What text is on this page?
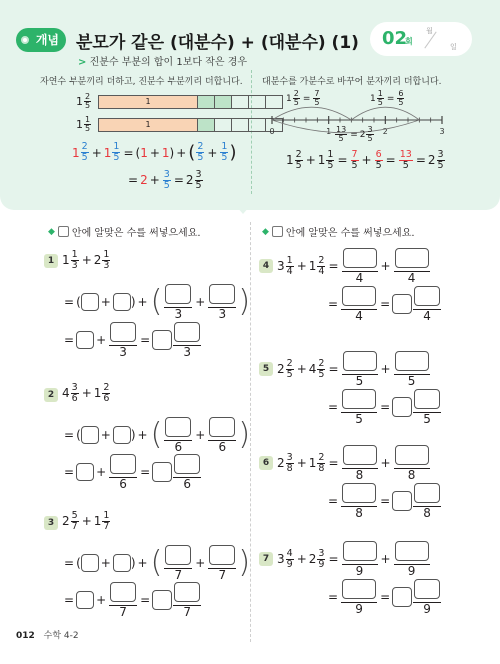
개념	분모가 같은 (대분수) + (대분수) (1)
> 진분수 부분의 합이 1보다 작은 경우
02
회
월
일
자연수 부분끼리 더하고, 진분수 부분끼리 더합니다.
$1 \frac{2}{5}$	1
$1 \frac{1}{5}$	1
$1 \frac{2}{5} + 1 \frac{1}{5}$ = ( 1 + 1 ) + ( $\frac{2}{5} + \frac{1}{5}$ )
= $2 + \frac{3}{5} = 2 \frac{3}{5}$
대분수를 가분수로 바꾸어 분자끼리 더합니다.
0	1	2	3
$1 \frac{2}{5} = \frac{7}{5}$	$1 \frac{1}{5} = \frac{6}{5}$
$\frac{13}{5} = 2 \frac{3}{5}$
$1 \frac{2}{5} + 1 \frac{1}{5} = \frac{7}{5} + \frac{6}{5} = \frac{13}{5} = 2 \frac{3}{5}$
◆ 안에 알맞은 수를 써넣으세요.	◆ 안에 알맞은 수를 써넣으세요.
1 $1 \frac{1}{3} + 2 \frac{1}{3}$
= ( + ) + ( 3
+
3 )
= +
3
=
3
2 $4 \frac{3}{6} + 1 \frac{2}{6}$
= ( + ) + ( 6
+
6 )
= +
6
=
6
3 $2 \frac{5}{7} + 1 \frac{1}{7}$
= ( + ) + ( 7
+
7 )
= +
7
=
7
4 $3 \frac{1}{4} + 1 \frac{2}{4}$ =
4
+
4
=
4
=
4
5 $2 \frac{2}{5} + 4 \frac{2}{5}$ =
5
+
5
=
5
=
5
6 $2 \frac{3}{8} + 1 \frac{2}{8}$ =
8
+
8
=
8
=
8
7 $3 \frac{4}{9} + 2 \frac{3}{9}$ =
9
+
9
=
9
=
9
012 수학 4-2
